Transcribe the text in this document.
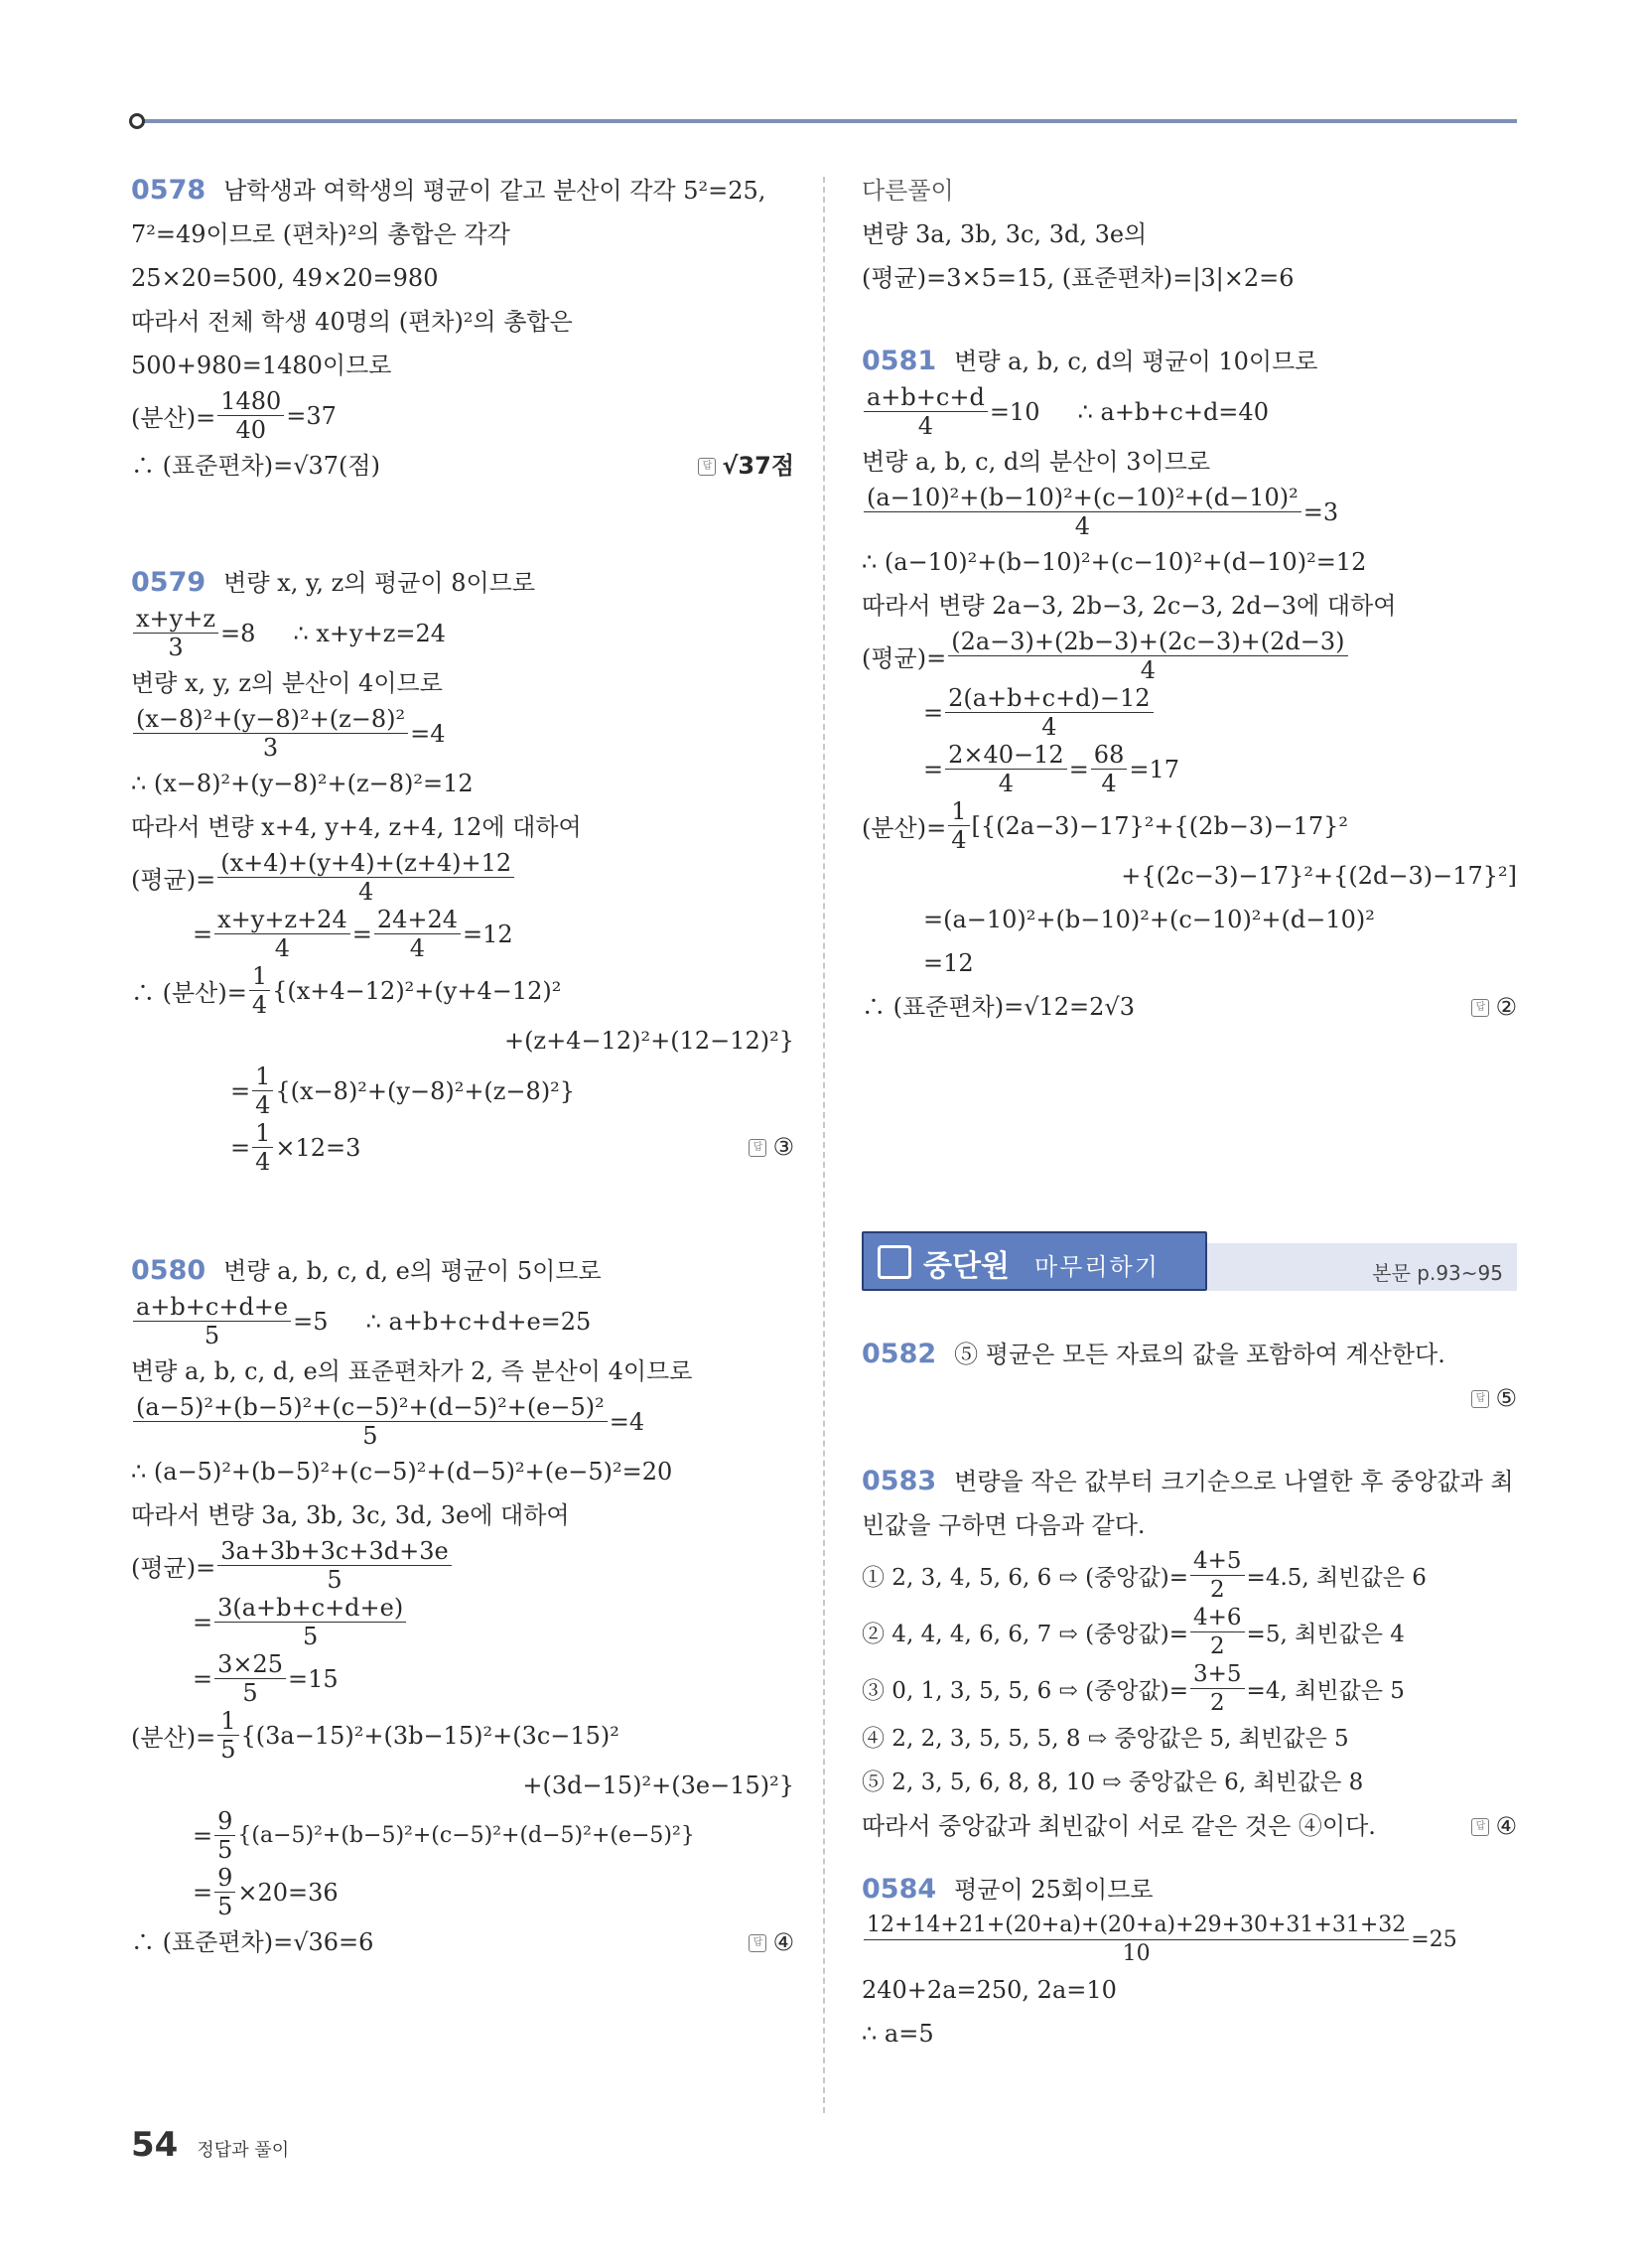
0578 남학생과 여학생의 평균이 같고 분산이 각각 5²=25,
7²=49이므로 (편차)²의 총합은 각각
25×20=500, 49×20=980
따라서 전체 학생 40명의 (편차)²의 총합은
500+980=1480이므로
(분산)= $\frac{1480}{40} =37$
∴ (표준편차)=√37(점)	답 √37점
0579 변량 x, y, z의 평균이 8이므로
$\frac{x+y+z}{3} =8$     ∴ x+y+z=24
변량 x, y, z의 분산이 4이므로
$\frac{\text{(x−8)²+(y−8)²+(z−8)²}}{3} =4$
∴ (x−8)²+(y−8)²+(z−8)²=12
따라서 변량 x+4, y+4, z+4, 12에 대하여
(평균)= $\frac{(x+4)+(y+4)+(z+4)+12}{4}$
= $\frac{x+y+z+24}{4} = \frac{24+24}{4} =12$
∴ (분산)= $\frac{1}{4} \{(x+4-12)^2+(y+4-12)^2$
+(z+4−12)²+(12−12)²}
= $\frac{1}{4} \{(x-8)^2+(y-8)^2+(z-8)^2\}$
= $\frac{1}{4} \times 12=3$	답 ③
0580 변량 a, b, c, d, e의 평균이 5이므로
$\frac{a+b+c+d+e}{5} =5$     ∴ a+b+c+d+e=25
변량 a, b, c, d, e의 표준편차가 2, 즉 분산이 4이므로
$\frac{\text{(a−5)²+(b−5)²+(c−5)²+(d−5)²+(e−5)²}}{5} =4$
∴ (a−5)²+(b−5)²+(c−5)²+(d−5)²+(e−5)²=20
따라서 변량 3a, 3b, 3c, 3d, 3e에 대하여
(평균)= $\frac{3a+3b+3c+3d+3e}{5}$
= $\frac{3(a+b+c+d+e)}{5}$
= $\frac{3\times 25}{5} =15$
(분산)= $\frac{1}{5} \{(3a-15)^2+(3b-15)^2+(3c-15)^2$
+(3d−15)²+(3e−15)²}
= $\frac{9}{5} \{(a-5)^2+(b-5)^2+(c-5)^2+(d-5)^2+(e-5)^2\}$
= $\frac{9}{5} \times 20=36$
∴ (표준편차)=√36=6	답 ④
다른풀이
변량 3a, 3b, 3c, 3d, 3e의
(평균)=3×5=15, (표준편차)=|3|×2=6
0581 변량 a, b, c, d의 평균이 10이므로
$\frac{a+b+c+d}{4} =10$     ∴ a+b+c+d=40
변량 a, b, c, d의 분산이 3이므로
$\frac{\text{(a−10)²+(b−10)²+(c−10)²+(d−10)²}}{4} =3$
∴ (a−10)²+(b−10)²+(c−10)²+(d−10)²=12
따라서 변량 2a−3, 2b−3, 2c−3, 2d−3에 대하여
(평균)= $\frac{(2a-3)+(2b-3)+(2c-3)+(2d-3)}{4}$
= $\frac{2(a+b+c+d)-12}{4}$
= $\frac{2\times 40-12}{4} = \frac{68}{4} =17$
(분산)= $\frac{1}{4} [\{(2a-3)-17\}^2+\{(2b-3)-17\}^2$
+{(2c−3)−17}²+{(2d−3)−17}²]
=(a−10)²+(b−10)²+(c−10)²+(d−10)²
=12
∴ (표준편차)=√12=2√3	답 ②
중단원 마무리하기	본문 p.93~95
0582 ⑤ 평균은 모든 자료의 값을 포함하여 계산한다.
답 ⑤

0583 변량을 작은 값부터 크기순으로 나열한 후 중앙값과 최
빈값을 구하면 다음과 같다.
① 2, 3, 4, 5, 6, 6 ⇨ (중앙값)= $\frac{4+5}{2} =4.5$, 최빈값은 6
② 4, 4, 4, 6, 6, 7 ⇨ (중앙값)= $\frac{4+6}{2} =5$, 최빈값은 4
③ 0, 1, 3, 5, 5, 6 ⇨ (중앙값)= $\frac{3+5}{2} =4$, 최빈값은 5
④ 2, 2, 3, 5, 5, 5, 8 ⇨ 중앙값은 5, 최빈값은 5
⑤ 2, 3, 5, 6, 8, 8, 10 ⇨ 중앙값은 6, 최빈값은 8
따라서 중앙값과 최빈값이 서로 같은 것은 ④이다.	답 ④
0584 평균이 25회이므로
$\frac{12+14+21+(20+a)+(20+a)+29+30+31+31+32}{10} =25$
240+2a=250, 2a=10
∴ a=5
54 정답과 풀이
